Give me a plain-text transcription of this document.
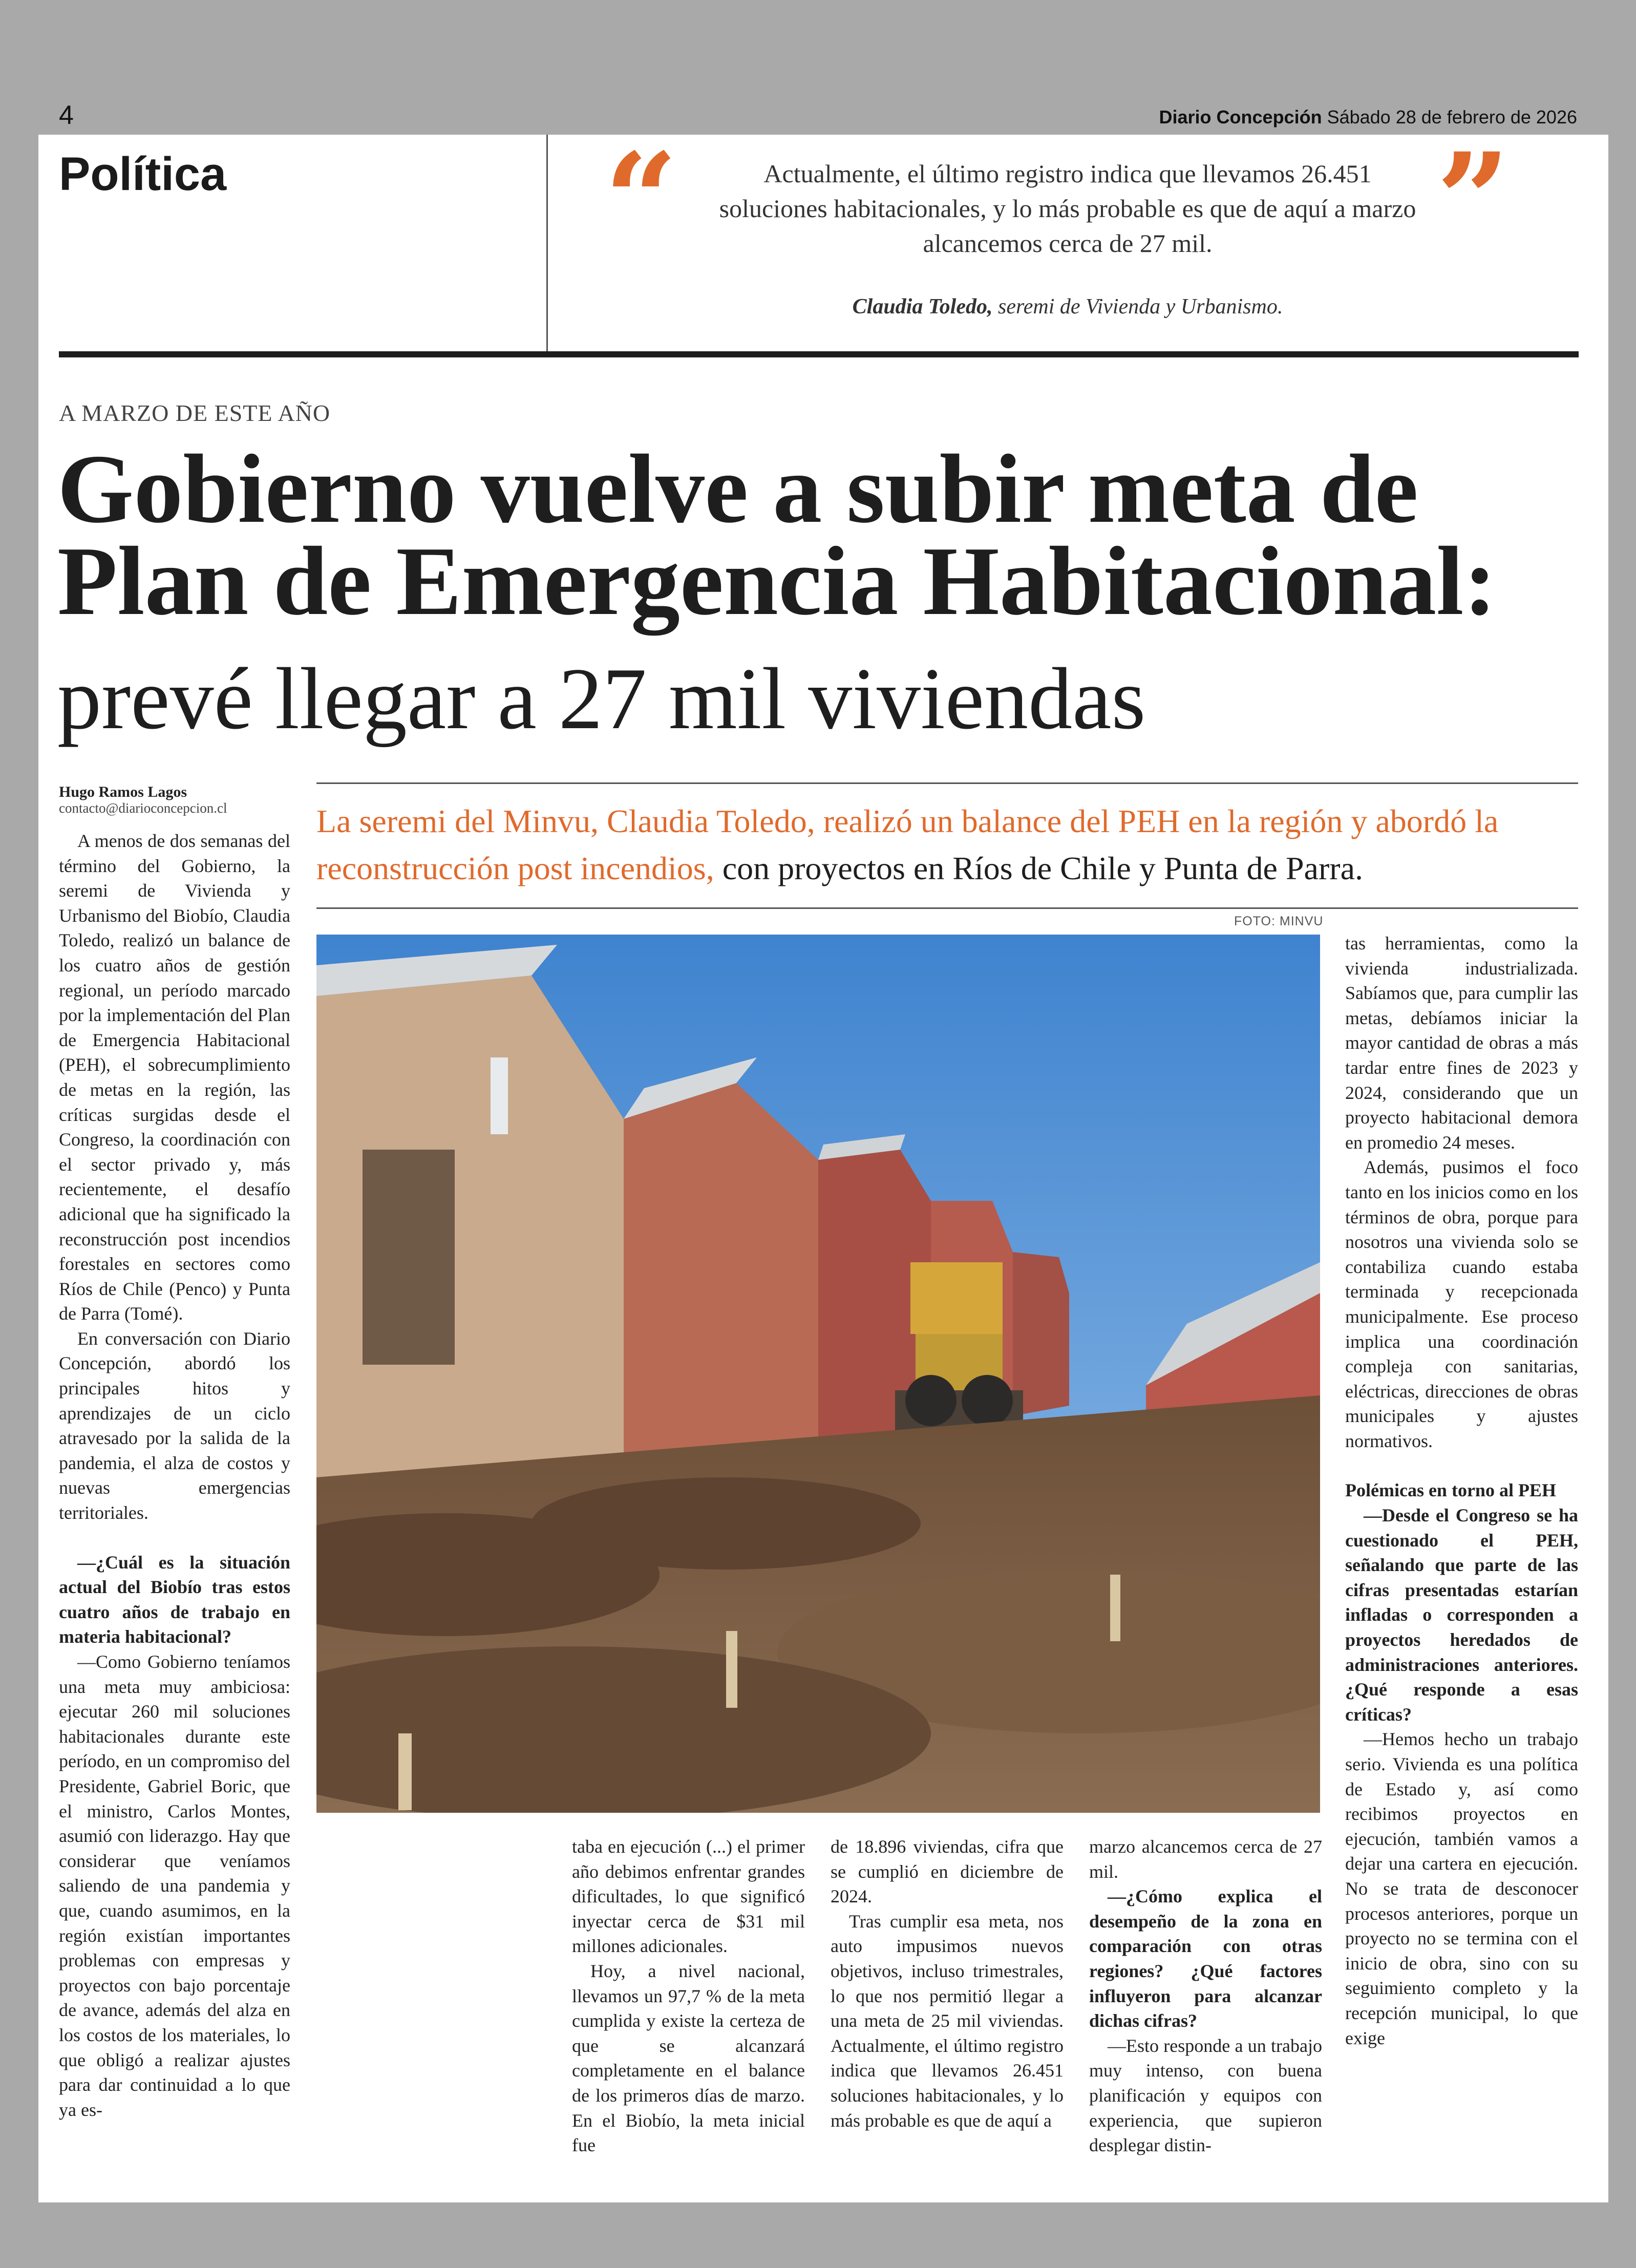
4	Diario Concepción Sábado 28 de febrero de 2026
Política	“	Actualmente, el último registro indica que llevamos 26.451 soluciones habitacionales, y lo más probable es que de aquí a marzo alcancemos cerca de 27 mil.	”
Claudia Toledo, seremi de Vivienda y Urbanismo.
A MARZO DE ESTE AÑO
Gobierno vuelve a subir meta de Plan de Emergencia Habitacional:
prevé llegar a 27 mil viviendas
Hugo Ramos Lagos
contacto@diarioconcepcion.cl	La seremi del Minvu, Claudia Toledo, realizó un balance del PEH en la región y abordó la reconstrucción post incendios, con proyectos en Ríos de Chile y Punta de Parra.
FOTO: MINVU

A menos de dos semanas del término del Gobierno, la seremi de Vivienda y Urbanismo del Biobío, Claudia Toledo, realizó un balance de los cuatro años de gestión regional, un período marcado por la implementación del Plan de Emergencia Habitacional (PEH), el sobrecumplimiento de metas en la región, las críticas surgidas desde el Congreso, la coordinación con el sector privado y, más recientemente, el desafío adicional que ha significado la reconstrucción post incendios forestales en sectores como Ríos de Chile (Penco) y Punta de Parra (Tomé).

En conversación con Diario Concepción, abordó los principales hitos y aprendizajes de un ciclo atravesado por la salida de la pandemia, el alza de costos y nuevas emergencias territoriales.

—¿Cuál es la situación actual del Biobío tras estos cuatro años de trabajo en materia habitacional?

—Como Gobierno teníamos una meta muy ambiciosa: ejecutar 260 mil soluciones habitacionales durante este período, en un compromiso del Presidente, Gabriel Boric, que el ministro, Carlos Montes, asumió con liderazgo. Hay que considerar que veníamos saliendo de una pandemia y que, cuando asumimos, en la región existían importantes problemas con empresas y proyectos con bajo porcentaje de avance, además del alza en los costos de los materiales, lo que obligó a realizar ajustes para dar continuidad a lo que ya es-

taba en ejecución (...) el primer año debimos enfrentar grandes dificultades, lo que significó inyectar cerca de $31 mil millones adicionales.

Hoy, a nivel nacional, llevamos un 97,7 % de la meta cumplida y existe la certeza de que se alcanzará completamente en el balance de los primeros días de marzo. En el Biobío, la meta inicial fue

de 18.896 viviendas, cifra que se cumplió en diciembre de 2024.

Tras cumplir esa meta, nos auto impusimos nuevos objetivos, incluso trimestrales, lo que nos permitió llegar a una meta de 25 mil viviendas. Actualmente, el último registro indica que llevamos 26.451 soluciones habitacionales, y lo más probable es que de aquí a

marzo alcancemos cerca de 27 mil.

—¿Cómo explica el desempeño de la zona en comparación con otras regiones? ¿Qué factores influyeron para alcanzar dichas cifras?

—Esto responde a un trabajo muy intenso, con buena planificación y equipos con experiencia, que supieron desplegar distin-

tas herramientas, como la vivienda industrializada. Sabíamos que, para cumplir las metas, debíamos iniciar la mayor cantidad de obras a más tardar entre fines de 2023 y 2024, considerando que un proyecto habitacional demora en promedio 24 meses.

Además, pusimos el foco tanto en los inicios como en los términos de obra, porque para nosotros una vivienda solo se contabiliza cuando estaba terminada y recepcionada municipalmente. Ese proceso implica una coordinación compleja con sanitarias, eléctricas, direcciones de obras municipales y ajustes normativos.

Polémicas en torno al PEH

—Desde el Congreso se ha cuestionado el PEH, señalando que parte de las cifras presentadas estarían infladas o corresponden a proyectos heredados de administraciones anteriores. ¿Qué responde a esas críticas?

—Hemos hecho un trabajo serio. Vivienda es una política de Estado y, así como recibimos proyectos en ejecución, también vamos a dejar una cartera en ejecución. No se trata de desconocer procesos anteriores, porque un proyecto no se termina con el inicio de obra, sino con su seguimiento completo y la recepción municipal, lo que exige
